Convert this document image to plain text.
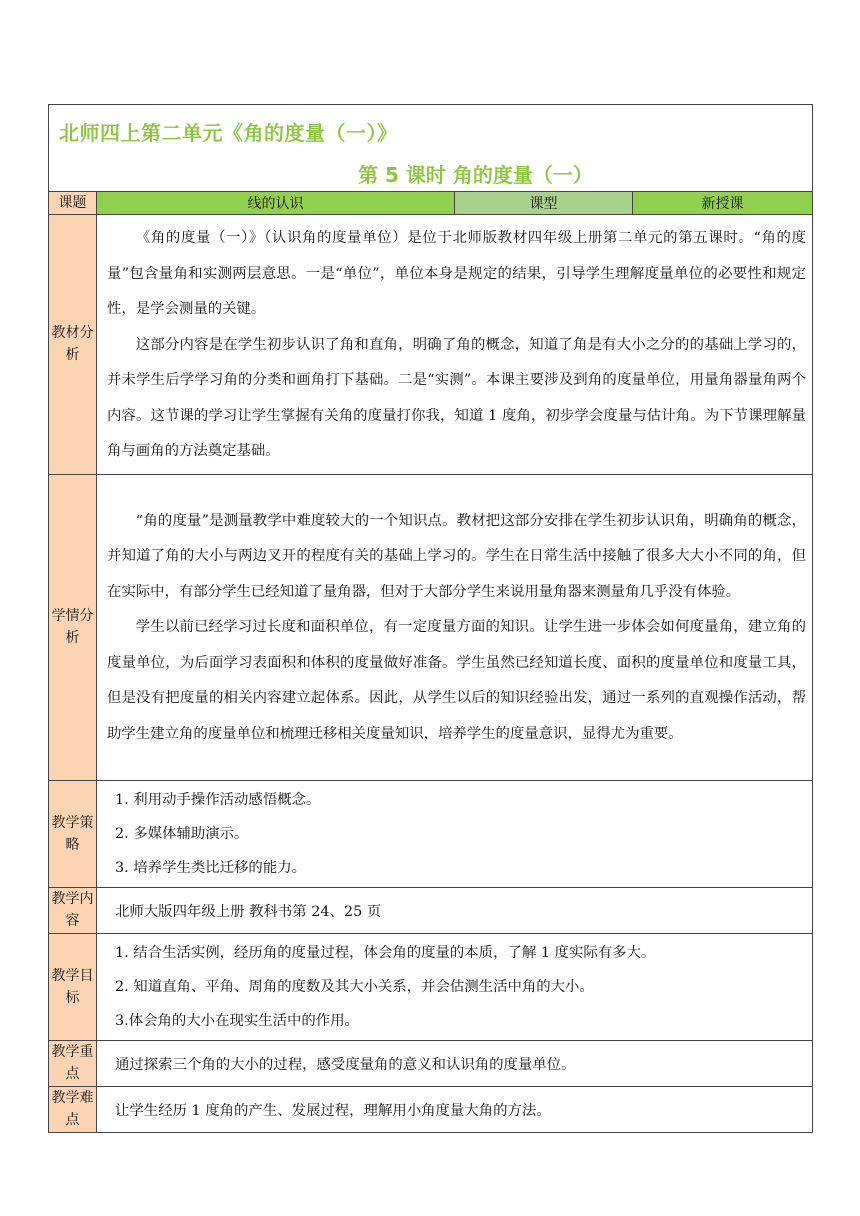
北师四上第二单元《角的度量（一）》
第 5 课时 角的度量（一）			

课题	线的认识	课型	新授课
教材分析	《角的度量（一）》（认识角的度量单位）是位于北师版教材四年级上册第二单元的第五课时。“角的度量”包含量角和实测两层意思。一是“单位”，单位本身是规定的结果，引导学生理解度量单位的必要性和规定性，是学会测量的关键。

这部分内容是在学生初步认识了角和直角，明确了角的概念，知道了角是有大小之分的的基础上学习的，并未学生后学学习角的分类和画角打下基础。二是“实测”。本课主要涉及到角的度量单位，用量角器量角两个内容。这节课的学习让学生掌握有关角的度量打你我，知道 1 度角，初步学会度量与估计角。为下节课理解量角与画角的方法奠定基础。		

学情分析	“角的度量”是测量教学中难度较大的一个知识点。教材把这部分安排在学生初步认识角，明确角的概念，并知道了角的大小与两边叉开的程度有关的基础上学习的。学生在日常生活中接触了很多大大小不同的角，但在实际中，有部分学生已经知道了量角器，但对于大部分学生来说用量角器来测量角几乎没有体验。

学生以前已经学习过长度和面积单位，有一定度量方面的知识。让学生进一步体会如何度量角，建立角的度量单位，为后面学习表面积和体积的度量做好准备。学生虽然已经知道长度、面积的度量单位和度量工具，但是没有把度量的相关内容建立起体系。因此，从学生以后的知识经验出发，通过一系列的直观操作活动，帮助学生建立角的度量单位和梳理迁移相关度量知识，培养学生的度量意识，显得尤为重要。		

教学策略	1. 利用动手操作活动感悟概念。
2. 多媒体辅助演示。
3. 培养学生类比迁移的能力。		

教学内容	北师大版四年级上册 教科书第 24、25 页		
教学目标	1. 结合生活实例，经历角的度量过程，体会角的度量的本质，了解 1 度实际有多大。
2. 知道直角、平角、周角的度数及其大小关系，并会估测生活中角的大小。
3.体会角的大小在现实生活中的作用。		

教学重点	通过探索三个角的大小的过程，感受度量角的意义和认识角的度量单位。		
教学难点	让学生经历 1 度角的产生、发展过程，理解用小角度量大角的方法。		
